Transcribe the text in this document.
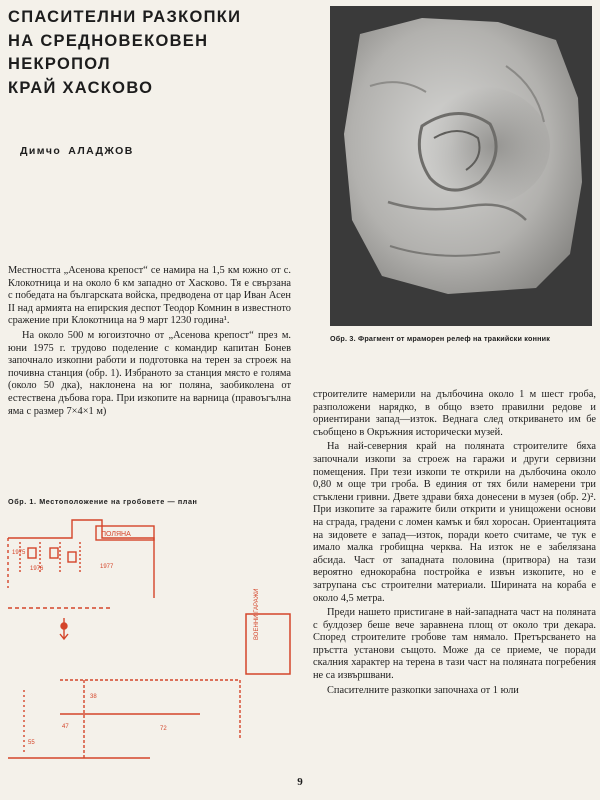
СПАСИТЕЛНИ РАЗКОПКИ
НА СРЕДНОВЕКОВЕН
НЕКРОПОЛ
КРАЙ ХАСКОВО
Димчо АЛАДЖОВ
Обр. 3. Фрагмент от мраморен релеф на тракийски конник

Местността „Асенова крепост“ се намира на 1,5 км южно от с. Клокотница и на около 6 км западно от Хасково. Тя е свързана с победата на българската войска, предводена от цар Иван Асен II над армията на епирския деспот Теодор Комнин в известното сражение при Клокотница на 9 март 1230 година¹.

На около 500 м югоизточно от „Асенова крепост“ през м. юни 1975 г. трудово поделение с командир капитан Бонев започнало изкопни работи и подготовка на терен за строеж на почивна станция (обр. 1). Избраното за станция място е голяма (около 50 дка), наклонена на юг поляна, заобиколена от естествена дъбова гора. При изкопите на варница (правоъгълна яма с размер 7×4×1 м)

Обр. 1. Местоположение на гробовете — план
ПОЛЯНА
ВОЕННИ ГАРАЖИ
1975
1976	1977
38
47
55
72

строителите намерили на дълбочина около 1 м шест гроба, разположени нарядко, в общо взето правилни редове и ориентирани запад—изток. Веднага след откриването им бе съобщено в Окръжния исторически музей.

На най-северния край на поляната строителите бяха започнали изкопи за строеж на гаражи и други сервизни помещения. При тези изкопи те открили на дълбочина около 0,80 м още три гроба. В единия от тях били намерени три стъклени гривни. Двете здрави бяха донесени в музея (обр. 2)². При изкопите за гаражите били открити и унищожени основи на сграда, градени с ломен камък и бял хоросан. Ориентацията на зидовете е запад—изток, поради което считаме, че тук е имало малка гробищна черква. На изток не е забелязана абсида. Част от западната половина (притвора) на тази вероятно еднокорабна постройка е извън изкопите, но е затрупана със строителни материали. Ширината на кораба е около 4,5 метра.

Преди нашето пристигане в най-западната част на поляната с булдозер беше вече заравнена площ от около три декара. Според строителите гробове там нямало. Претърсването на пръстта установи същото. Може да се приеме, че поради скалния характер на терена в тази част на поляната погребения не са извършвани.

Спасителните разкопки започнаха от 1 юли

9
